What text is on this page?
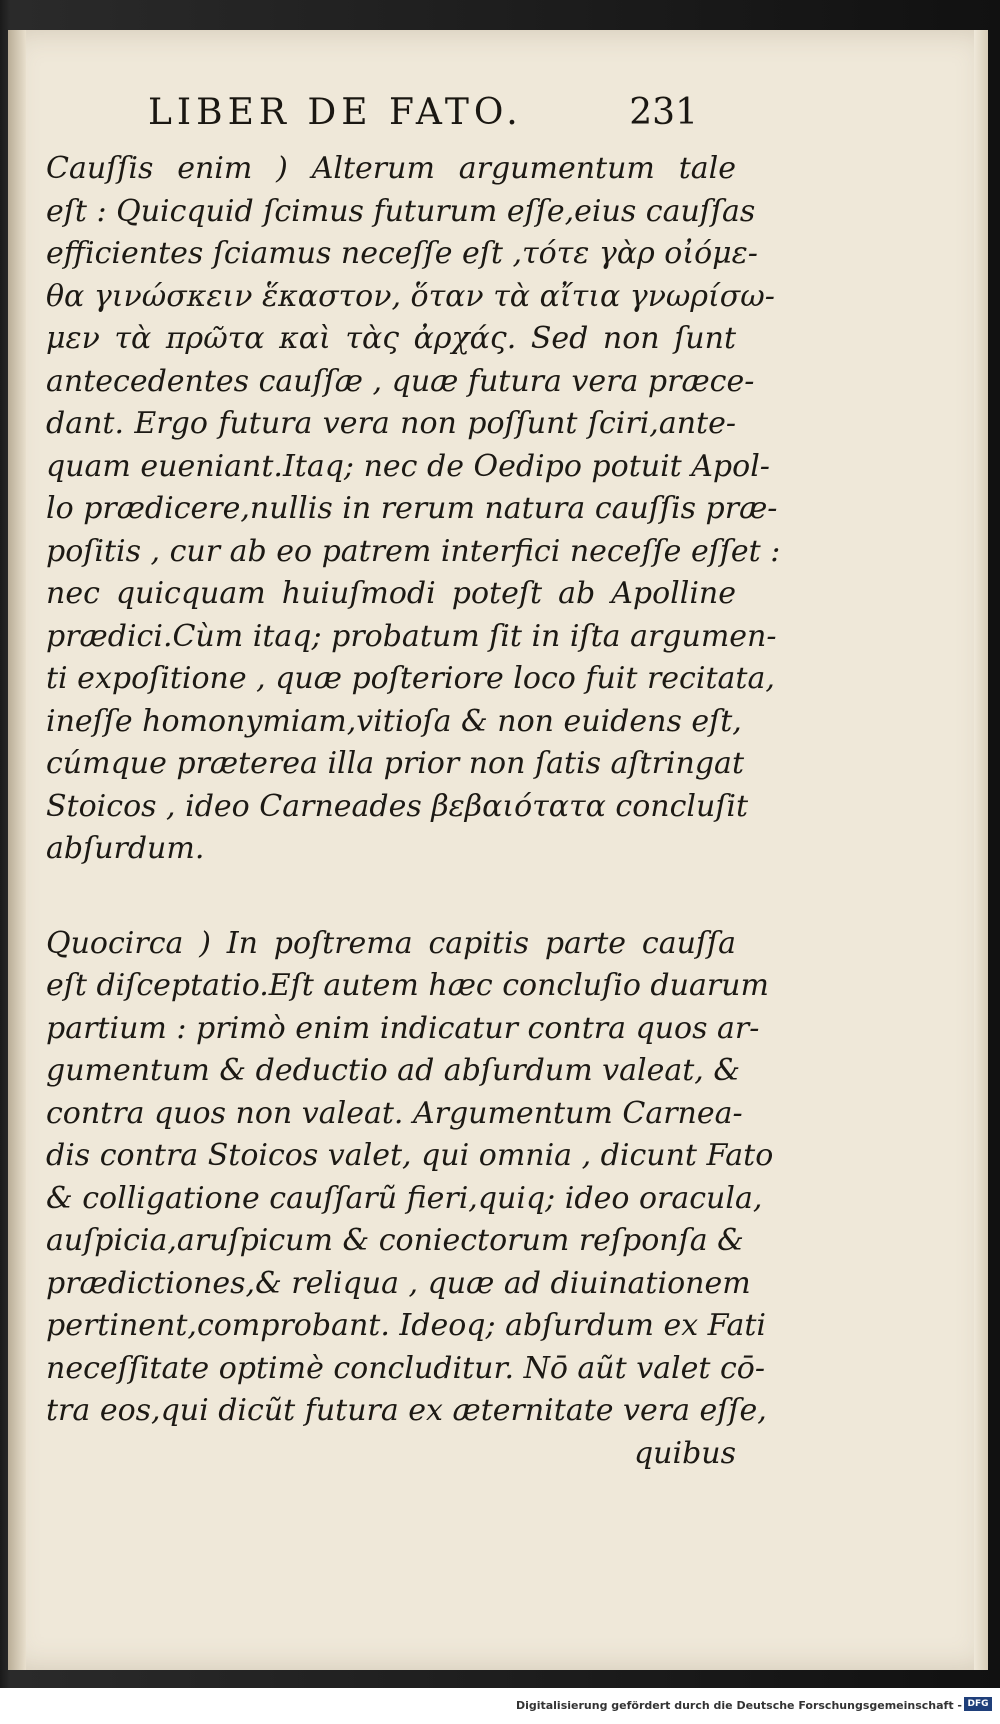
LIBER DE FATO.	231
Cauſſis enim ) Alterum argumentum tale
eſt : Quicquid ſcimus futurum eſſe,eius cauſſas
efficientes ſciamus neceſſe eſt ,τότε γὰρ οἰόμε-
θα γινώσκειν ἕκαστον, ὅταν τὰ αἴτια γνωρίσω-
μεν τὰ πρῶτα καὶ τὰς ἀρχάς. Sed non ſunt
antecedentes cauſſæ , quæ futura vera præce-
dant. Ergo futura vera non poſſunt ſciri,ante-
quam eueniant.Itaq; nec de Oedipo potuit Apol-
lo prædicere,nullis in rerum natura cauſſis præ-
poſitis , cur ab eo patrem interfici neceſſe eſſet :
nec quicquam huiuſmodi poteſt ab Apolline
prædici.Cùm itaq; probatum ſit in iſta argumen-
ti expoſitione , quæ poſteriore loco fuit recitata,
ineſſe homonymiam,vitioſa & non euidens eſt,
cúmque præterea illa prior non ſatis aſtringat
Stoicos , ideo Carneades βεβαιότατα concluſit
abſurdum.
Quocirca ) In poſtrema capitis parte cauſſa
eſt diſceptatio.Eſt autem hæc concluſio duarum
partium : primò enim indicatur contra quos ar-
gumentum & deductio ad abſurdum valeat, &
contra quos non valeat. Argumentum Carnea-
dis contra Stoicos valet, qui omnia , dicunt Fato
& colligatione cauſſarũ fieri,quiq; ideo oracula,
auſpicia,aruſpicum & coniectorum reſponſa &
prædictiones,& reliqua , quæ ad diuinationem
pertinent,comprobant. Ideoq; abſurdum ex Fati
neceſſitate optimè concluditur. Nō aũt valet cō-
tra eos,qui dicũt futura ex æternitate vera eſſe,
quibus
Digitalisierung gefördert durch die Deutsche Forschungsgemeinschaft - DFG
